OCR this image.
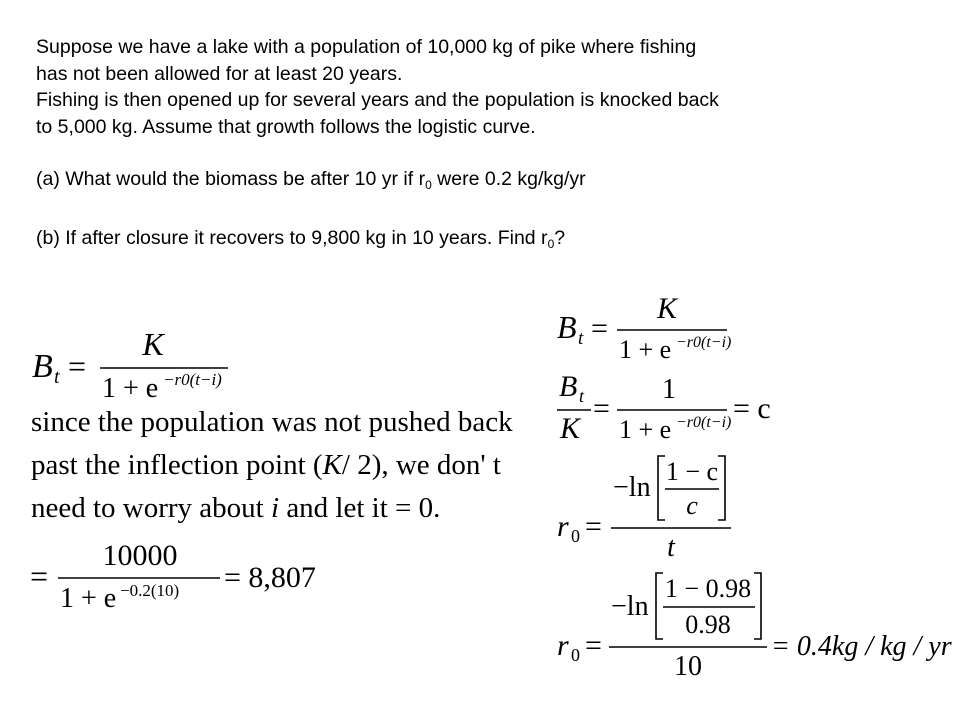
Suppose we have a lake with a population of 10,000 kg of pike where fishing

has not been allowed for at least 20 years.

Fishing is then opened up for several years and the population is knocked back

to 5,000 kg. Assume that growth follows the logistic curve.

(a) What would the biomass be after 10 yr if $r_0$ were 0.2 kg/kg/yr

(b) If after closure it recovers to 9,800 kg in 10 years. Find $r_0$?

B t =
K
1 + e −r0(t−i)
since the population was not pushed back
past the inflection point (K/ 2), we don' t
need to worry about i and let it = 0.
=
10000
1 + e −0.2(10) = 8,807
B t =
K
1 + e −r0(t−i)
B t
K
=
1
1 + e −r0(t−i) = c
r 0 =
−ln
1 − c
c
t
r 0 =
−ln
1 − 0.98
0.98
10
= 0.4kg / kg / yr
